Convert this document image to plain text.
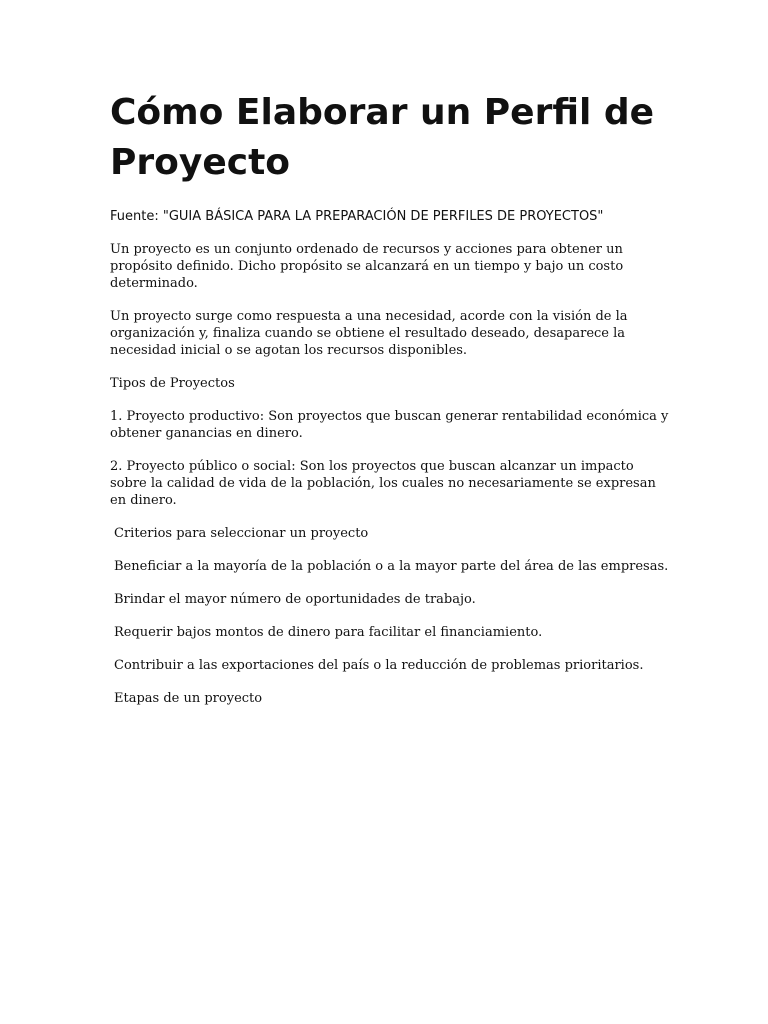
Cómo Elaborar un Perfil de Proyecto

Fuente: "GUIA BÁSICA PARA LA PREPARACIÓN DE PERFILES DE PROYECTOS"

Un proyecto es un conjunto ordenado de recursos y acciones para obtener un propósito definido. Dicho propósito se alcanzará en un tiempo y bajo un costo determinado.

Un proyecto surge como respuesta a una necesidad, acorde con la visión de la organización y, finaliza cuando se obtiene el resultado deseado, desaparece la necesidad inicial o se agotan los recursos disponibles.

Tipos de Proyectos

1. Proyecto productivo: Son proyectos que buscan generar rentabilidad económica y obtener ganancias en dinero.

2. Proyecto público o social: Son los proyectos que buscan alcanzar un impacto sobre la calidad de vida de la población, los cuales no necesariamente se expresan en dinero.

Criterios para seleccionar un proyecto

Beneficiar a la mayoría de la población o a la mayor parte del área de las empresas.

Brindar el mayor número de oportunidades de trabajo.

Requerir bajos montos de dinero para facilitar el financiamiento.

Contribuir a las exportaciones del país o la reducción de problemas prioritarios.

Etapas de un proyecto
